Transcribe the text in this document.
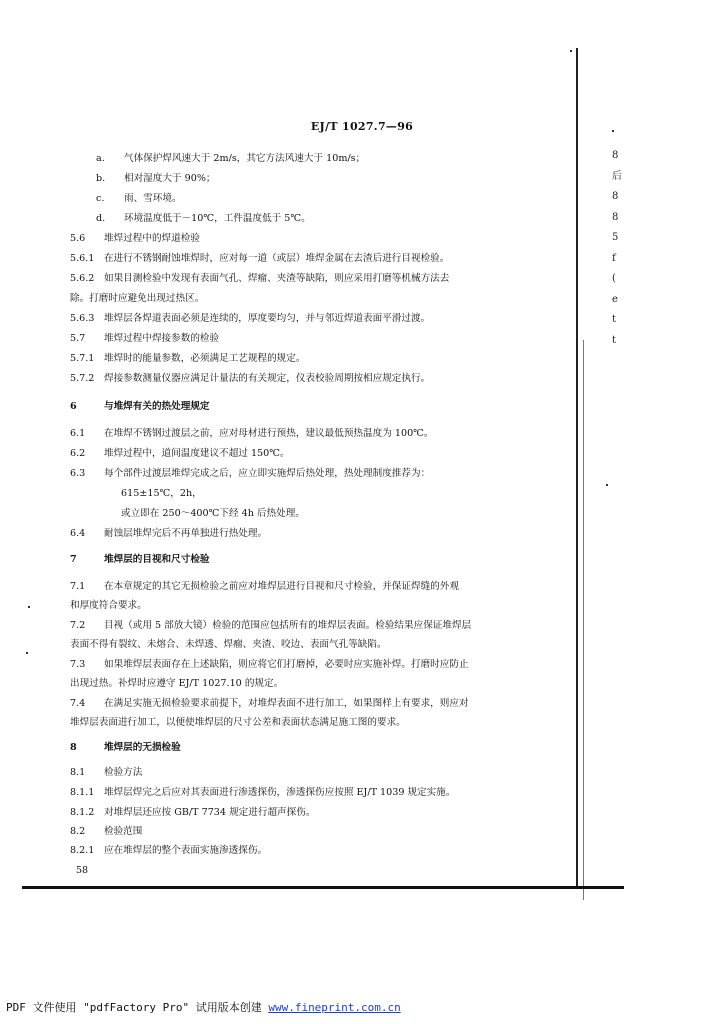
EJ/T 1027.7—96
a. 气体保护焊风速大于 2m/s，其它方法风速大于 10m/s；
b. 相对湿度大于 90%；
c. 雨、雪环境。
d. 环境温度低于－10℃，工件温度低于 5℃。
5.6 堆焊过程中的焊道检验
5.6.1 在进行不锈钢耐蚀堆焊时，应对每一道（或层）堆焊金属在去渣后进行目视检验。
5.6.2 如果目测检验中发现有表面气孔、焊瘤、夹渣等缺陷，则应采用打磨等机械方法去
除。打磨时应避免出现过热区。
5.6.3 堆焊层各焊道表面必须是连续的，厚度要均匀，并与邻近焊道表面平滑过渡。
5.7 堆焊过程中焊接参数的检验
5.7.1 堆焊时的能量参数，必须满足工艺规程的规定。
5.7.2 焊接参数测量仪器应满足计量法的有关规定，仪表校验周期按相应规定执行。
6	与堆焊有关的热处理规定
6.1 在堆焊不锈钢过渡层之前，应对母材进行预热，建议最低预热温度为 100℃。
6.2 堆焊过程中，道间温度建议不超过 150℃。
6.3 每个部件过渡层堆焊完成之后，应立即实施焊后热处理，热处理制度推荐为：
615±15℃，2h，
或立即在 250～400℃下经 4h 后热处理。
6.4 耐蚀层堆焊完后不再单独进行热处理。
7	堆焊层的目视和尺寸检验
7.1 在本章规定的其它无损检验之前应对堆焊层进行目视和尺寸检验，并保证焊缝的外观
和厚度符合要求。
7.2 目视（或用 5 部放大镜）检验的范围应包括所有的堆焊层表面。检验结果应保证堆焊层
表面不得有裂纹、未熔合、未焊透、焊瘤、夹渣、咬边、表面气孔等缺陷。
7.3 如果堆焊层表面存在上述缺陷，则应将它们打磨掉，必要时应实施补焊。打磨时应防止
出现过热。补焊时应遵守 EJ/T 1027.10 的规定。
7.4 在满足实施无损检验要求前提下，对堆焊表面不进行加工，如果图样上有要求，则应对
堆焊层表面进行加工，以便使堆焊层的尺寸公差和表面状态满足施工图的要求。
8	堆焊层的无损检验
8.1 检验方法
8.1.1 堆焊层焊完之后应对其表面进行渗透探伤，渗透探伤应按照 EJ/T 1039 规定实施。
8.1.2 对堆焊层还应按 GB/T 7734 规定进行超声探伤。
8.2 检验范围
8.2.1 应在堆焊层的整个表面实施渗透探伤。
58
8
后
8
8
5
f
(
e
t
t
PDF 文件使用 "pdfFactory Pro" 试用版本创建 www.fineprint.com.cn
